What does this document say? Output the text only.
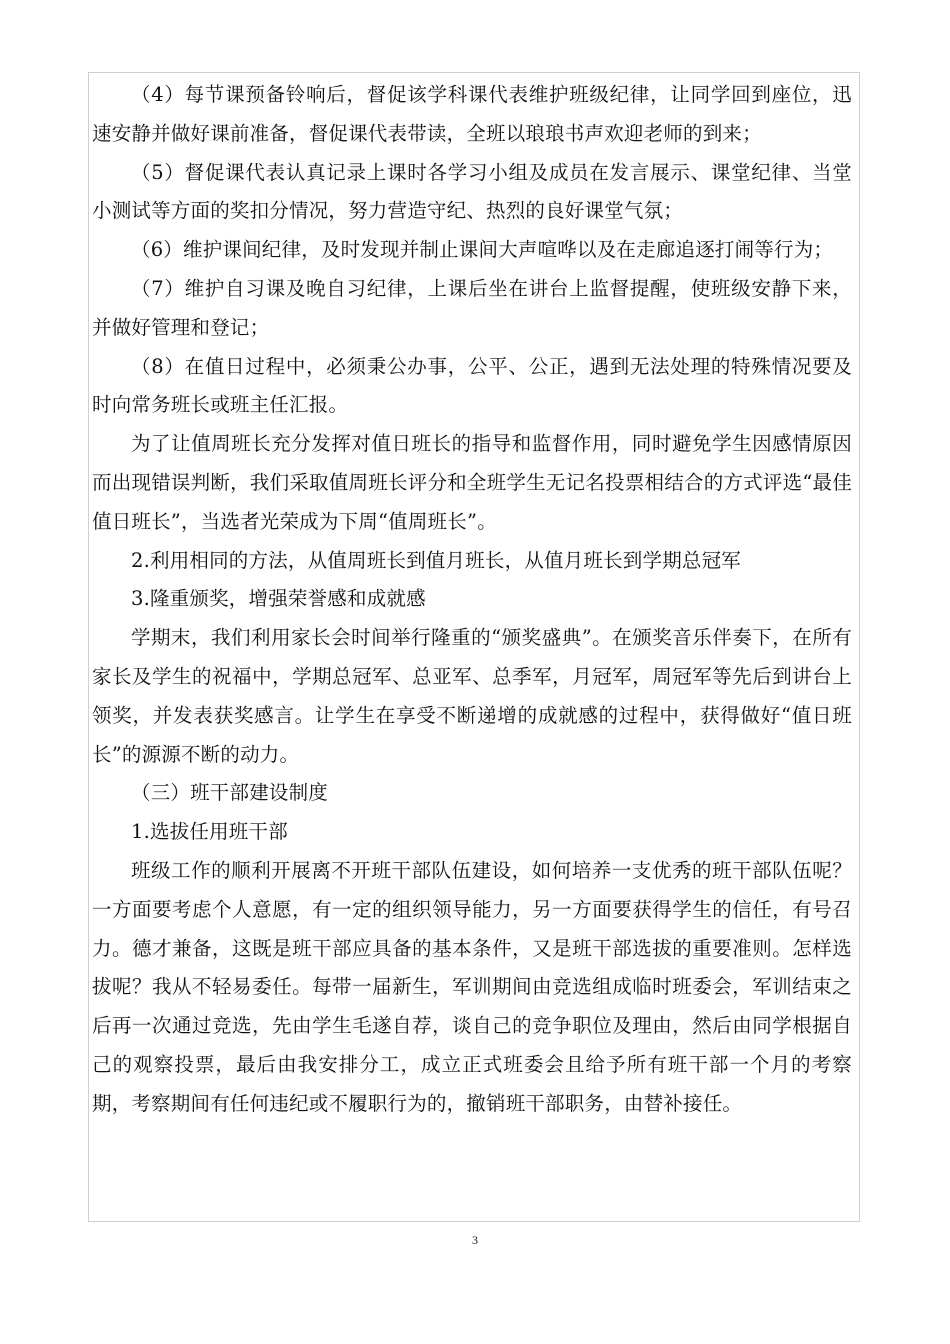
（4）每节课预备铃响后，督促该学科课代表维护班级纪律，让同学回到座位，迅速安静并做好课前准备，督促课代表带读，全班以琅琅书声欢迎老师的到来；

（5）督促课代表认真记录上课时各学习小组及成员在发言展示、课堂纪律、当堂小测试等方面的奖扣分情况，努力营造守纪、热烈的良好课堂气氛；

（6）维护课间纪律，及时发现并制止课间大声喧哗以及在走廊追逐打闹等行为；

（7）维护自习课及晚自习纪律，上课后坐在讲台上监督提醒，使班级安静下来，并做好管理和登记；

（8）在值日过程中，必须秉公办事，公平、公正，遇到无法处理的特殊情况要及时向常务班长或班主任汇报。

为了让值周班长充分发挥对值日班长的指导和监督作用，同时避免学生因感情原因而出现错误判断，我们采取值周班长评分和全班学生无记名投票相结合的方式评选“最佳值日班长”，当选者光荣成为下周“值周班长”。

2.利用相同的方法，从值周班长到值月班长，从值月班长到学期总冠军

3.隆重颁奖，增强荣誉感和成就感

学期末，我们利用家长会时间举行隆重的“颁奖盛典”。在颁奖音乐伴奏下，在所有家长及学生的祝福中，学期总冠军、总亚军、总季军，月冠军，周冠军等先后到讲台上领奖，并发表获奖感言。让学生在享受不断递增的成就感的过程中，获得做好“值日班长”的源源不断的动力。

（三）班干部建设制度

1.选拔任用班干部

班级工作的顺利开展离不开班干部队伍建设，如何培养一支优秀的班干部队伍呢？一方面要考虑个人意愿，有一定的组织领导能力，另一方面要获得学生的信任，有号召力。德才兼备，这既是班干部应具备的基本条件，又是班干部选拔的重要准则。怎样选拔呢？我从不轻易委任。每带一届新生，军训期间由竞选组成临时班委会，军训结束之后再一次通过竞选，先由学生毛遂自荐，谈自己的竞争职位及理由，然后由同学根据自己的观察投票，最后由我安排分工，成立正式班委会且给予所有班干部一个月的考察期，考察期间有任何违纪或不履职行为的，撤销班干部职务，由替补接任。

3
